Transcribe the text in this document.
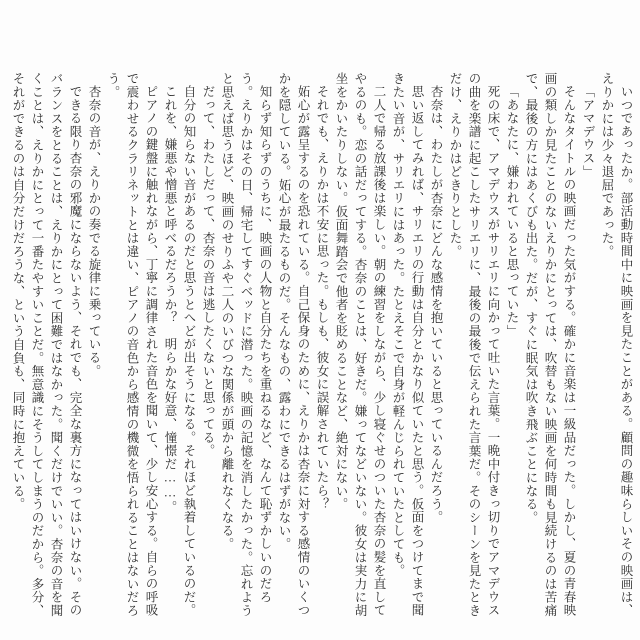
いつであったか。部活動時間中に映画を見たことがある。顧問の趣味らしいその映画は、えりかには少々退屈であった。

「アマデウス」

そんなタイトルの映画だった気がする。確かに音楽は一級品だった。しかし、夏の青春映画の類しか見たことのないえりかにとっては、吹替もない映画を何時間も見続けるのは苦痛で、最後の方にはあくびも出た。だが、すぐに眠気は吹き飛ぶことになる。

「あなたに、嫌われていると思っていた」

死の床で、アマデウスがサリエリに向かって吐いた言葉。一晩中付きっ切りでアマデウスの曲を楽譜に起こしたサリエリに、最後の最後で伝えられた言葉だ。そのシーンを見たときだけ、えりかはどきりとした。

杏奈は、わたしが杏奈にどんな感情を抱いていると思っているんだろう。

思い返してみれば、サリエリの行動は自分とかなり似ていたと思う。仮面をつけてまで聞きたい音が、サリエリにはあった。たとえそこで自身が軽んじられていたとしても。

二人で帰る放課後は楽しい。朝の練習をしながら、少し寝ぐせのついた杏奈の髪を直してやるのも。恋の話だってする。杏奈のことは、好きだ。嫌ってなどいない。彼女は実力に胡坐をかいたりしない。仮面舞踏会で他者を貶めることなど、絶対にない。

それでも、えりかは不安に思った。もしも、彼女に誤解されていたら？

妬心が露呈するのを恐れている。自己保身のために、えりかは杏奈に対する感情のいくつかを隠している。妬心が最たるものだ。そんなもの、露わにできるはずがない。

知らず知らずのうちに、映画の人物と自分たちを重ねるなど、なんて恥ずかしいのだろう。えりかはその日、帰宅してすぐベッドに潜った。映画の記憶を消したかった。忘れようと思えば思うほど、映画のせりふや二人のいびつな関係が頭から離れなくなる。

だって、わたしだって、杏奈の音は逃したくないと思ってる。

自分の知らない音があるのだと思うとへどが出そうになる。それほど執着しているのだ。

これを、嫌悪や憎悪と呼べるだろうか？　明らかな好意、憧憬だ……。

ピアノの鍵盤に触れながら、丁寧に調律された音色を聞いて、少し安心する。自らの呼吸で震わせるクラリネットとは違い、ピアノの音色から感情の機微を悟られることはないだろう。

杏奈の音が、えりかの奏でる旋律に乗っている。

できる限り杏奈の邪魔にならないよう、それでも、完全な裏方になってはいけない。そのバランスをとることは、えりかにとって困難ではなかった。聞くだけでいい。杏奈の音を聞くことは、えりかにとって一番たやすいことだ。無意識にそうしてしまうのだから。多分、それができるのは自分だけだろうな、という自負も、同時に抱えている。
